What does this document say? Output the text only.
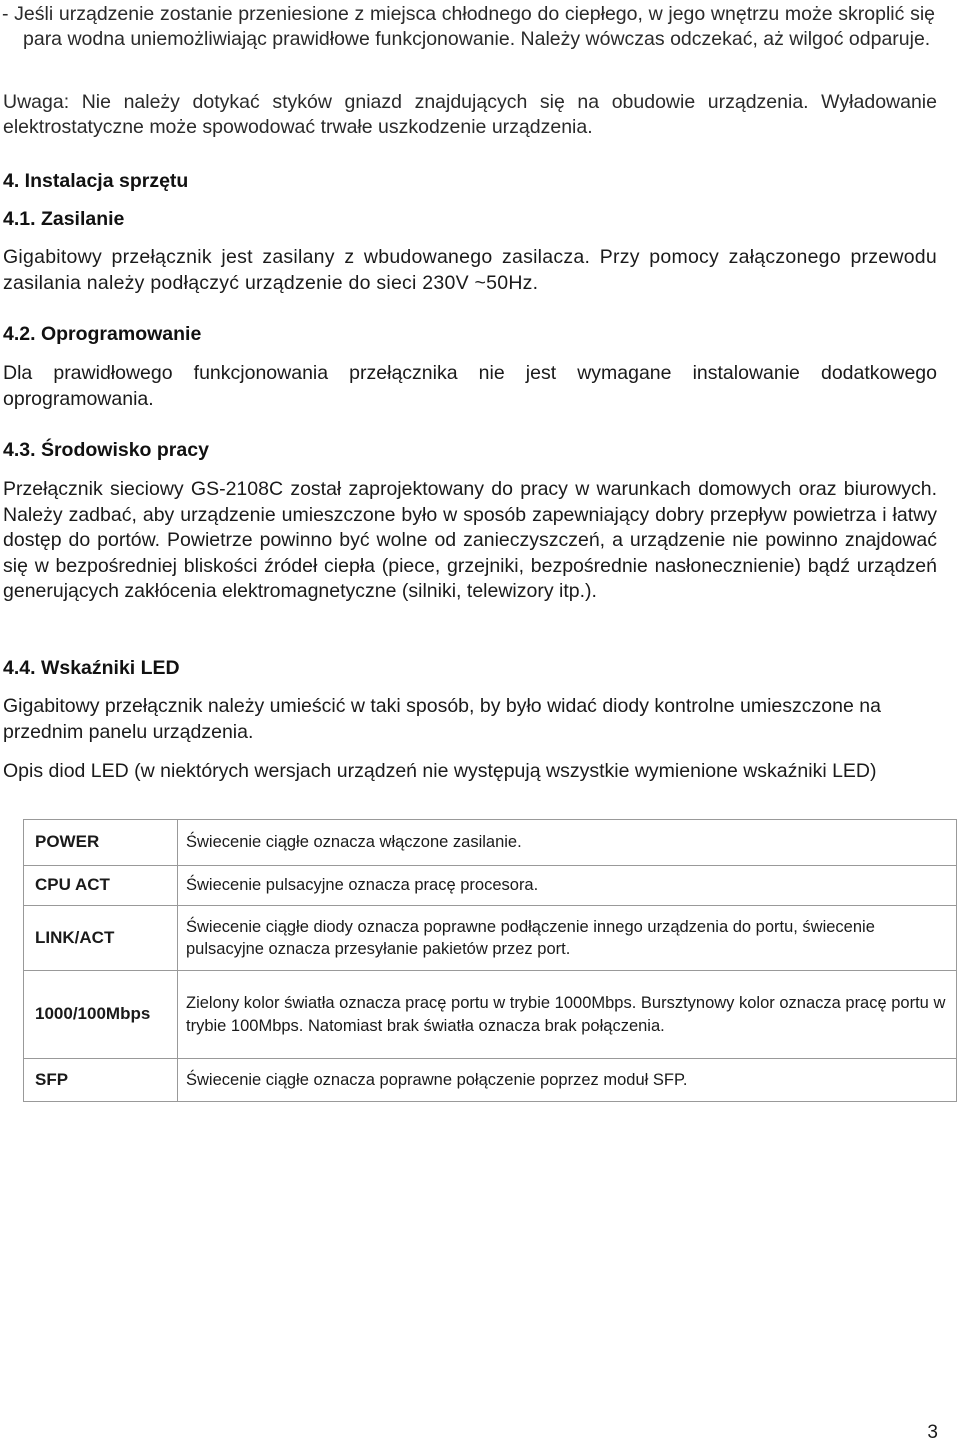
- Jeśli urządzenie zostanie przeniesione z miejsca chłodnego do ciepłego, w jego wnętrzu może skroplić się para wodna uniemożliwiając prawidłowe funkcjonowanie. Należy wówczas odczekać, aż wilgoć odparuje.

Uwaga: Nie należy dotykać styków gniazd znajdujących się na obudowie urządzenia. Wyładowanie elektrostatyczne może spowodować trwałe uszkodzenie urządzenia.

4. Instalacja sprzętu
4.1. Zasilanie

Gigabitowy przełącznik jest zasilany z wbudowanego zasilacza. Przy pomocy załączonego przewodu zasilania należy podłączyć urządzenie do sieci 230V ~50Hz.

4.2. Oprogramowanie

Dla prawidłowego funkcjonowania przełącznika nie jest wymagane instalowanie dodatkowego oprogramowania.

4.3. Środowisko pracy

Przełącznik sieciowy GS-2108C został zaprojektowany do pracy w warunkach domowych oraz biurowych. Należy zadbać, aby urządzenie umieszczone było w sposób zapewniający dobry przepływ powietrza i łatwy dostęp do portów. Powietrze powinno być wolne od zanieczyszczeń, a urządzenie nie powinno znajdować się w bezpośredniej bliskości źródeł ciepła (piece, grzejniki, bezpośrednie nasłonecznienie) bądź urządzeń generujących zakłócenia elektromagnetyczne (silniki, telewizory itp.).

4.4. Wskaźniki LED

Gigabitowy przełącznik należy umieścić w taki sposób, by było widać diody kontrolne umieszczone na przednim panelu urządzenia.

Opis diod LED (w niektórych wersjach urządzeń nie występują wszystkie wymienione wskaźniki LED)

POWER	Świecenie ciągłe oznacza włączone zasilanie.
CPU ACT	Świecenie pulsacyjne oznacza pracę procesora.
LINK/ACT	Świecenie ciągłe diody oznacza poprawne podłączenie innego urządzenia do portu, świecenie pulsacyjne oznacza przesyłanie pakietów przez port.
1000/100Mbps	Zielony kolor światła oznacza pracę portu w trybie 1000Mbps. Bursztynowy kolor oznacza pracę portu w trybie 100Mbps. Natomiast brak światła oznacza brak połączenia.
SFP	Świecenie ciągłe oznacza poprawne połączenie poprzez moduł SFP.
3
